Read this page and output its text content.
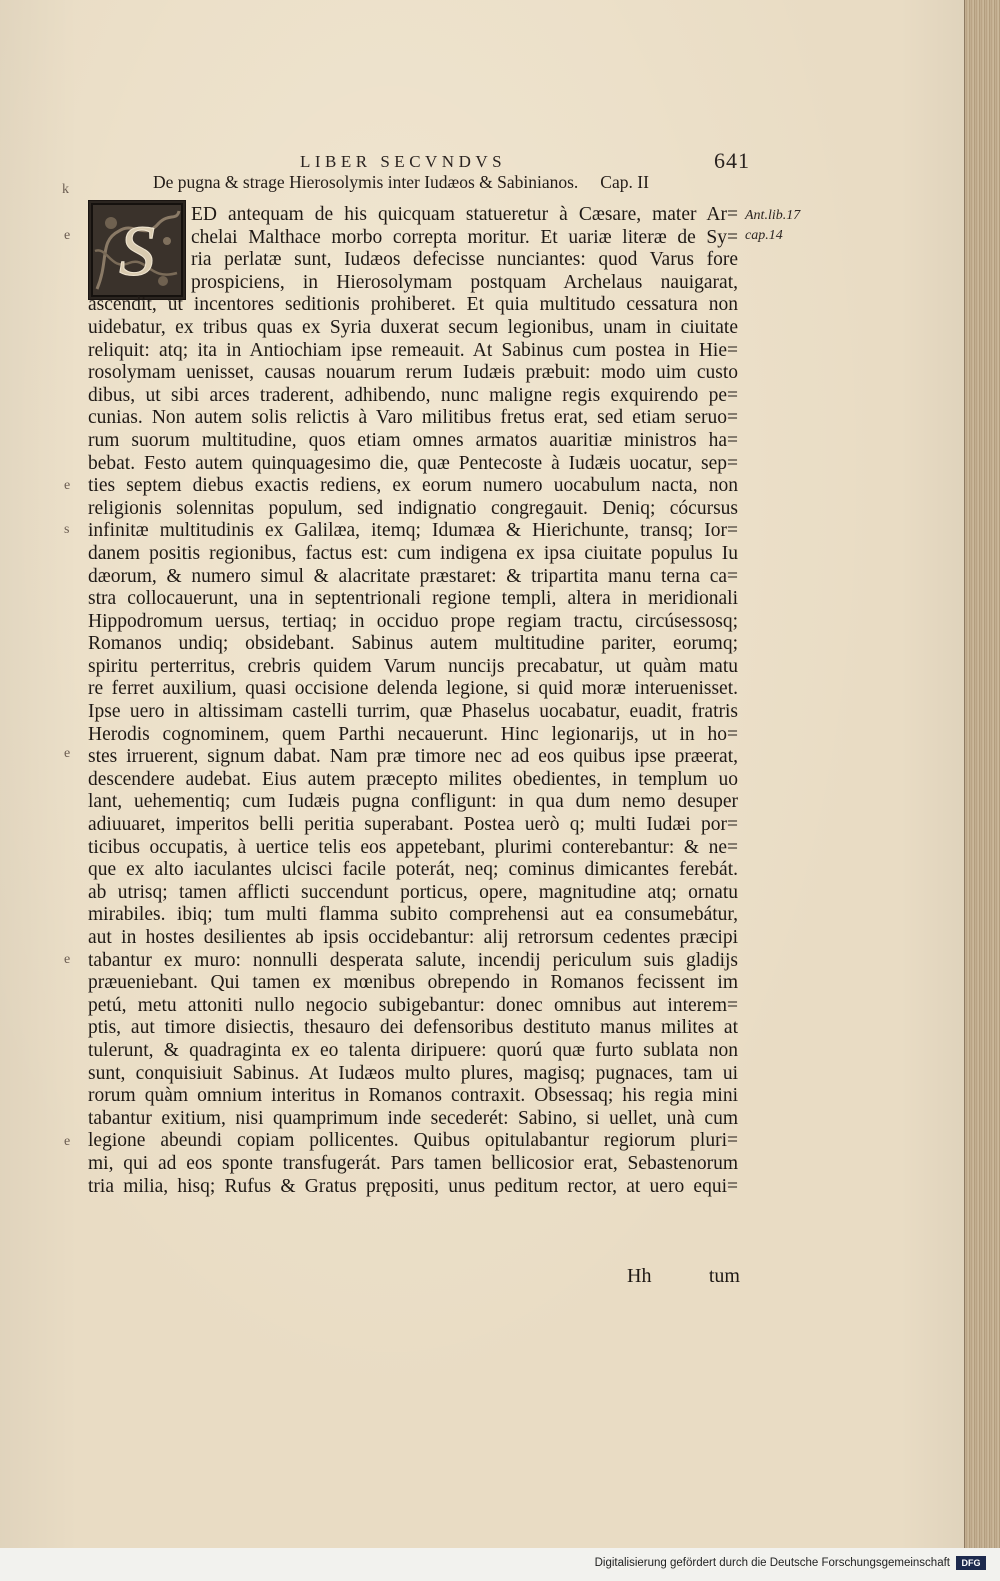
LIBER SECVNDVS	641
De pugna & strage Hierosolymis inter Iudæos & Sabinianos. Cap. II
S	Ant.lib.17
cap.14
k
e
e
s
e
e
e
ED antequam de his quicquam statueretur à Cæsare, mater Ar=
chelai Malthace morbo correpta moritur. Et uariæ literæ de Sy=
ria perlatæ sunt, Iudæos defecisse nunciantes: quod Varus fore
prospiciens, in Hierosolymam postquam Archelaus nauigarat,
ascendit, ut incentores seditionis prohiberet. Et quia multitudo cessatura non
uidebatur, ex tribus quas ex Syria duxerat secum legionibus, unam in ciuitate
reliquit: atq; ita in Antiochiam ipse remeauit. At Sabinus cum postea in Hie=
rosolymam uenisset, causas nouarum rerum Iudæis præbuit: modo uim custo
dibus, ut sibi arces traderent, adhibendo, nunc maligne regis exquirendo pe=
cunias. Non autem solis relictis à Varo militibus fretus erat, sed etiam seruo=
rum suorum multitudine, quos etiam omnes armatos auaritiæ ministros ha=
bebat. Festo autem quinquagesimo die, quæ Pentecoste à Iudæis uocatur, sep=
ties septem diebus exactis rediens, ex eorum numero uocabulum nacta, non
religionis solennitas populum, sed indignatio congregauit. Deniq; cócursus
infinitæ multitudinis ex Galilæa, itemq; Idumæa & Hierichunte, transq; Ior=
danem positis regionibus, factus est: cum indigena ex ipsa ciuitate populus Iu
dæorum, & numero simul & alacritate præstaret: & tripartita manu terna ca=
stra collocauerunt, una in septentrionali regione templi, altera in meridionali
Hippodromum uersus, tertiaq; in occiduo prope regiam tractu, circúsessosq;
Romanos undiq; obsidebant. Sabinus autem multitudine pariter, eorumq;
spiritu perterritus, crebris quidem Varum nuncijs precabatur, ut quàm matu
re ferret auxilium, quasi occisione delenda legione, si quid moræ interuenisset.
Ipse uero in altissimam castelli turrim, quæ Phaselus uocabatur, euadit, fratris
Herodis cognominem, quem Parthi necauerunt. Hinc legionarijs, ut in ho=
stes irruerent, signum dabat. Nam præ timore nec ad eos quibus ipse præerat,
descendere audebat. Eius autem præcepto milites obedientes, in templum uo
lant, uehementiq; cum Iudæis pugna confligunt: in qua dum nemo desuper
adiuuaret, imperitos belli peritia superabant. Postea uerò q; multi Iudæi por=
ticibus occupatis, à uertice telis eos appetebant, plurimi conterebantur: & ne=
que ex alto iaculantes ulcisci facile poterát, neq; cominus dimicantes ferebát.
ab utrisq; tamen afflicti succendunt porticus, opere, magnitudine atq; ornatu
mirabiles. ibiq; tum multi flamma subito comprehensi aut ea consumebátur,
aut in hostes desilientes ab ipsis occidebantur: alij retrorsum cedentes præcipi
tabantur ex muro: nonnulli desperata salute, incendij periculum suis gladijs
præueniebant. Qui tamen ex mœnibus obrependo in Romanos fecissent im
petú, metu attoniti nullo negocio subigebantur: donec omnibus aut interem=
ptis, aut timore disiectis, thesauro dei defensoribus destituto manus milites at
tulerunt, & quadraginta ex eo talenta diripuere: quorú quæ furto sublata non
sunt, conquisiuit Sabinus. At Iudæos multo plures, magisq; pugnaces, tam ui
rorum quàm omnium interitus in Romanos contraxit. Obsessaq; his regia mini
tabantur exitium, nisi quamprimum inde secederét: Sabino, si uellet, unà cum
legione abeundi copiam pollicentes. Quibus opitulabantur regiorum pluri=
mi, qui ad eos sponte transfugerát. Pars tamen bellicosior erat, Sebastenorum
tria milia, hisq; Rufus & Gratus prępositi, unus peditum rector, at uero equi=
Hh	tum
Digitalisierung gefördert durch die Deutsche Forschungsgemeinschaft	DFG
